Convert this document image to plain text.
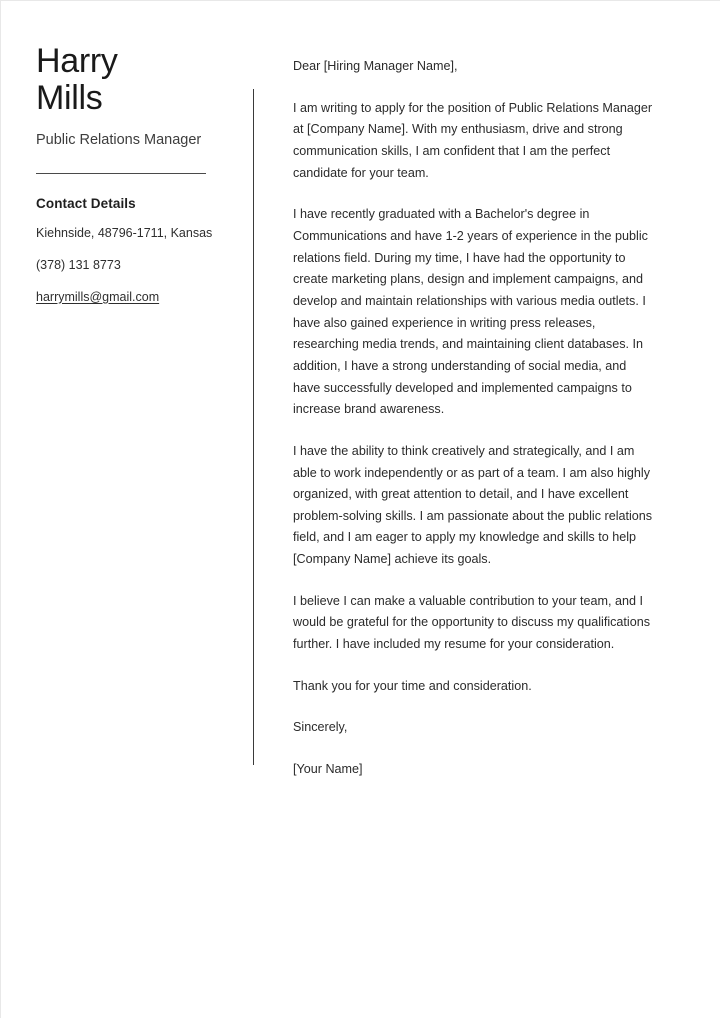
Harry
Mills
Public Relations Manager
Contact Details
Kiehnside, 48796-1711, Kansas
(378) 131 8773
harrymills@gmail.com

Dear [Hiring Manager Name],

I am writing to apply for the position of Public Relations Manager at [Company Name]. With my enthusiasm, drive and strong communication skills, I am confident that I am the perfect candidate for your team.

I have recently graduated with a Bachelor's degree in Communications and have 1-2 years of experience in the public relations field. During my time, I have had the opportunity to create marketing plans, design and implement campaigns, and develop and maintain relationships with various media outlets. I have also gained experience in writing press releases, researching media trends, and maintaining client databases. In addition, I have a strong understanding of social media, and have successfully developed and implemented campaigns to increase brand awareness.

I have the ability to think creatively and strategically, and I am able to work independently or as part of a team. I am also highly organized, with great attention to detail, and I have excellent problem-solving skills. I am passionate about the public relations field, and I am eager to apply my knowledge and skills to help [Company Name] achieve its goals.

I believe I can make a valuable contribution to your team, and I would be grateful for the opportunity to discuss my qualifications further. I have included my resume for your consideration.

Thank you for your time and consideration.

Sincerely,

[Your Name]
